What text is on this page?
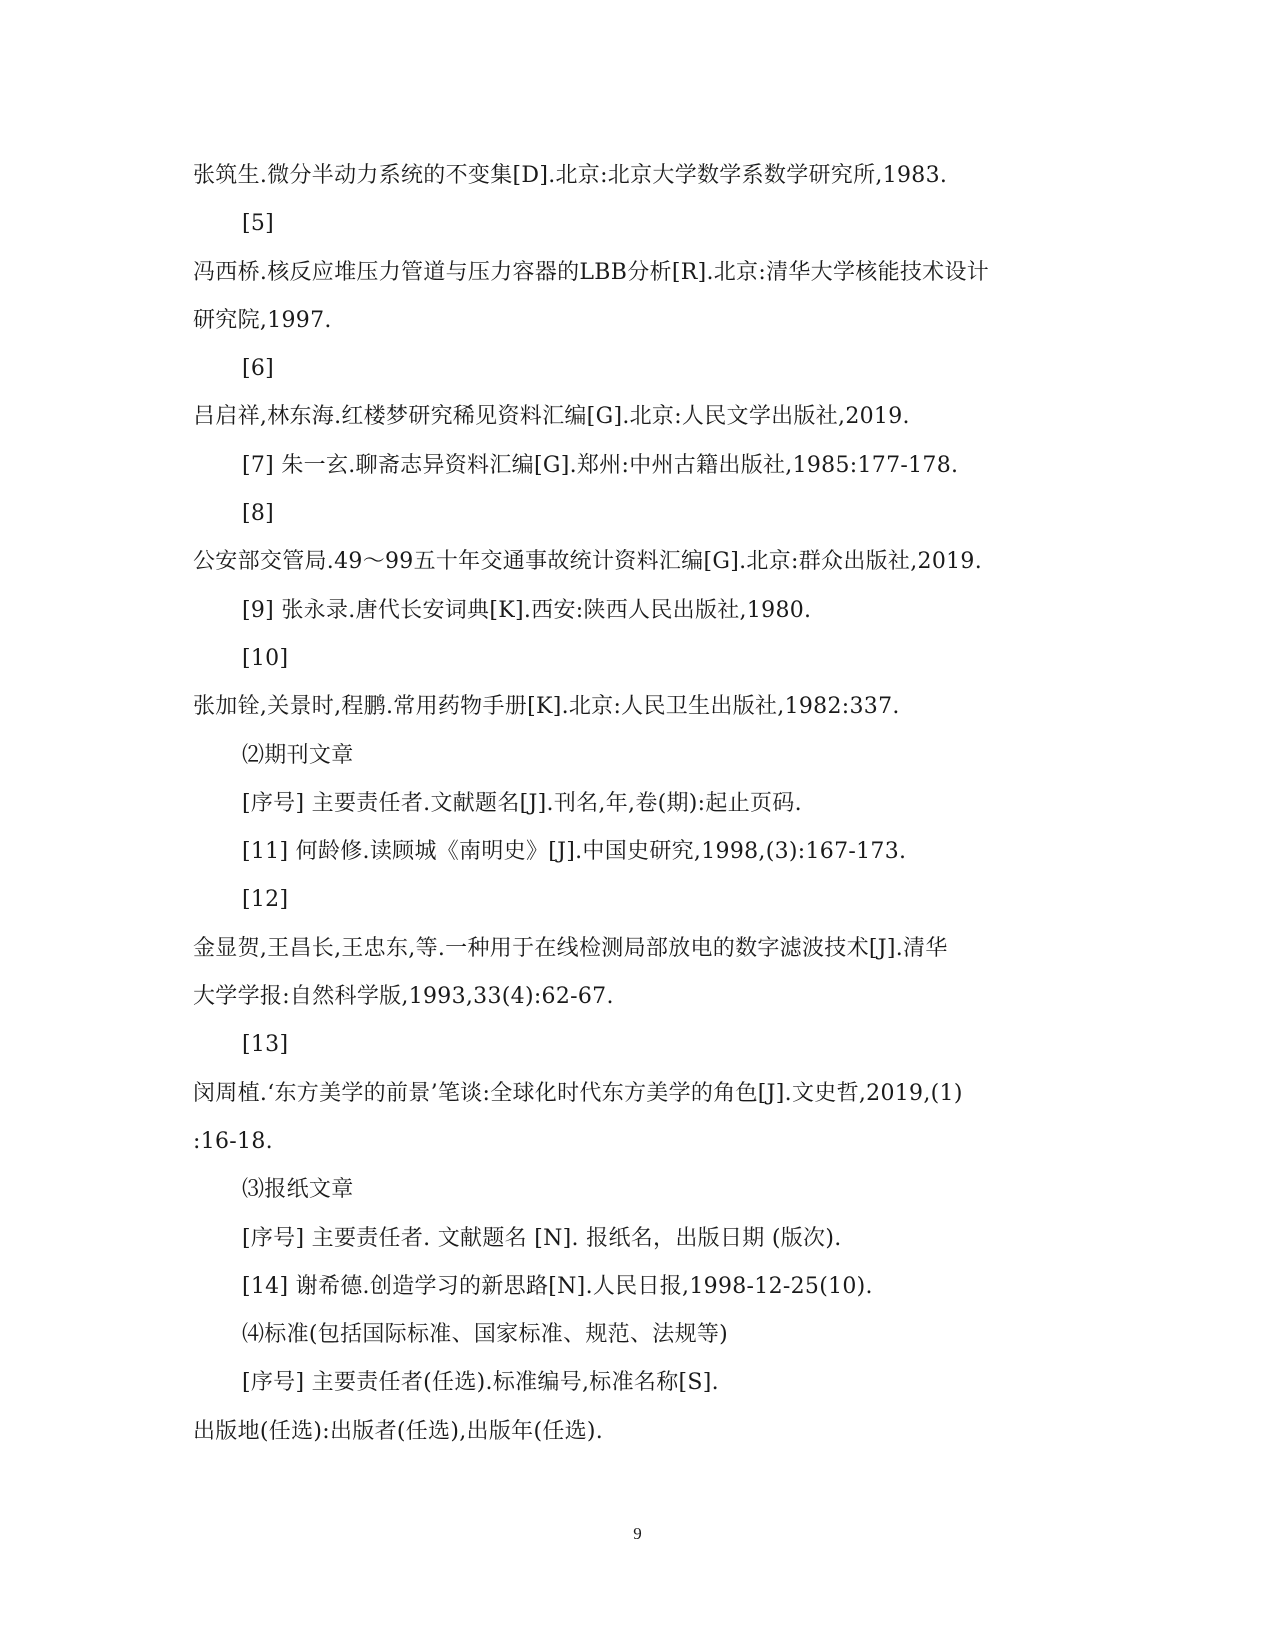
张筑生.微分半动力系统的不变集[D].北京:北京大学数学系数学研究所,1983.
[5]
冯西桥.核反应堆压力管道与压力容器的LBB分析[R].北京:清华大学核能技术设计
研究院,1997.
[6]
吕启祥,林东海.红楼梦研究稀见资料汇编[G].北京:人民文学出版社,2019.
[7] 朱一玄.聊斋志异资料汇编[G].郑州:中州古籍出版社,1985:177-178.
[8]
公安部交管局.49～99五十年交通事故统计资料汇编[G].北京:群众出版社,2019.
[9] 张永录.唐代长安词典[K].西安:陕西人民出版社,1980.
[10]
张加铨,关景时,程鹏.常用药物手册[K].北京:人民卫生出版社,1982:337.
⑵期刊文章
[序号] 主要责任者.文献题名[J].刊名,年,卷(期):起止页码.
[11] 何龄修.读顾城《南明史》[J].中国史研究,1998,(3):167-173.
[12]
金显贺,王昌长,王忠东,等.一种用于在线检测局部放电的数字滤波技术[J].清华
大学学报:自然科学版,1993,33(4):62-67.
[13]
闵周植.‘东方美学的前景’笔谈:全球化时代东方美学的角色[J].文史哲,2019,(1)
:16-18.
⑶报纸文章
[序号] 主要责任者. 文献题名 [N]. 报纸名，出版日期 (版次).
[14] 谢希德.创造学习的新思路[N].人民日报,1998-12-25(10).
⑷标准(包括国际标准、国家标准、规范、法规等)
[序号] 主要责任者(任选).标准编号,标准名称[S].
出版地(任选):出版者(任选),出版年(任选).
9
